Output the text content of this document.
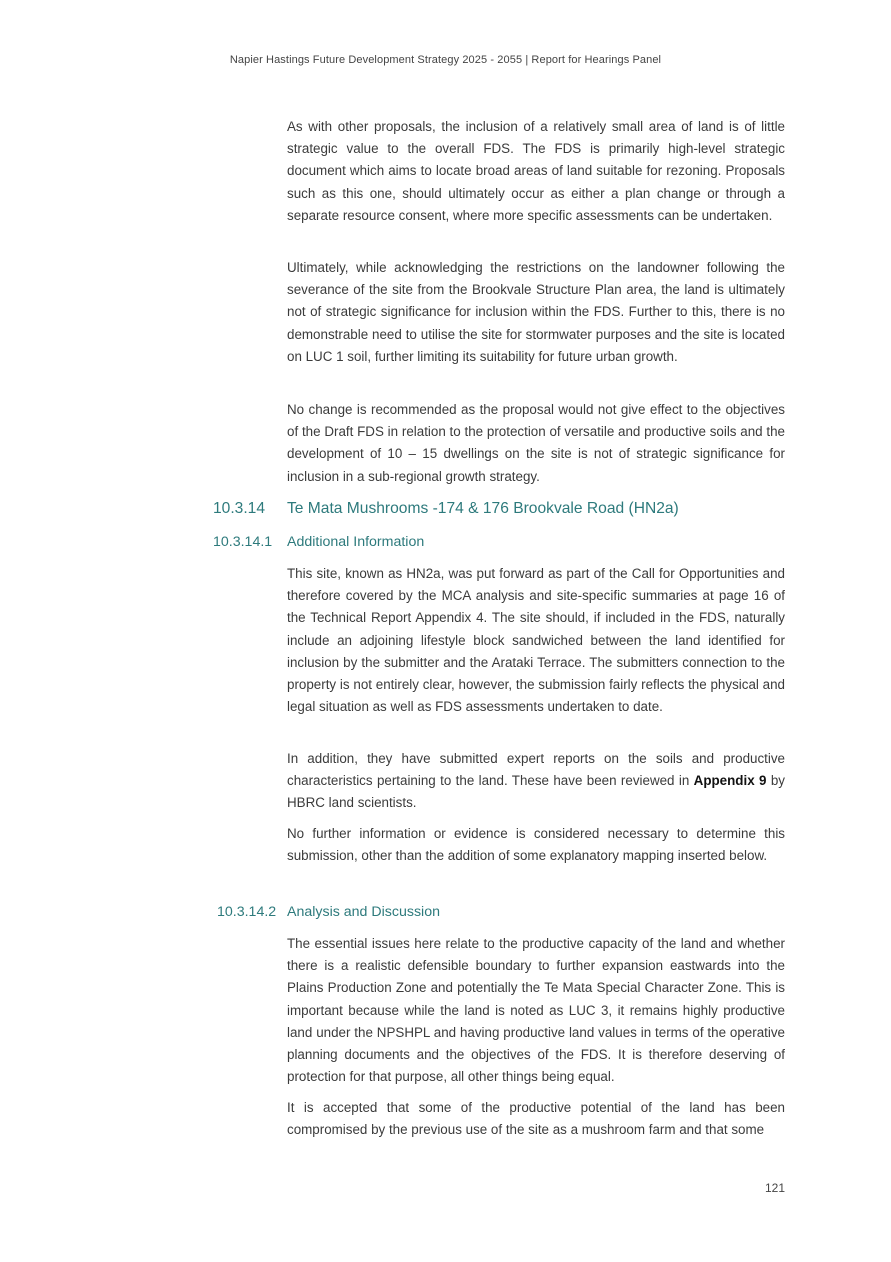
Napier Hastings Future Development Strategy 2025 - 2055 | Report for Hearings Panel

As with other proposals, the inclusion of a relatively small area of land is of little strategic value to the overall FDS. The FDS is primarily high-level strategic document which aims to locate broad areas of land suitable for rezoning. Proposals such as this one, should ultimately occur as either a plan change or through a separate resource consent, where more specific assessments can be undertaken.

Ultimately, while acknowledging the restrictions on the landowner following the severance of the site from the Brookvale Structure Plan area, the land is ultimately not of strategic significance for inclusion within the FDS. Further to this, there is no demonstrable need to utilise the site for stormwater purposes and the site is located on LUC 1 soil, further limiting its suitability for future urban growth.

No change is recommended as the proposal would not give effect to the objectives of the Draft FDS in relation to the protection of versatile and productive soils and the development of 10 – 15 dwellings on the site is not of strategic significance for inclusion in a sub-regional growth strategy.

10.3.14 Te Mata Mushrooms -174 & 176 Brookvale Road (HN2a)
10.3.14.1 Additional Information

This site, known as HN2a, was put forward as part of the Call for Opportunities and therefore covered by the MCA analysis and site-specific summaries at page 16 of the Technical Report Appendix 4. The site should, if included in the FDS, naturally include an adjoining lifestyle block sandwiched between the land identified for inclusion by the submitter and the Arataki Terrace. The submitters connection to the property is not entirely clear, however, the submission fairly reflects the physical and legal situation as well as FDS assessments undertaken to date.

In addition, they have submitted expert reports on the soils and productive characteristics pertaining to the land. These have been reviewed in Appendix 9 by HBRC land scientists.

No further information or evidence is considered necessary to determine this submission, other than the addition of some explanatory mapping inserted below.

10.3.14.2 Analysis and Discussion

The essential issues here relate to the productive capacity of the land and whether there is a realistic defensible boundary to further expansion eastwards into the Plains Production Zone and potentially the Te Mata Special Character Zone. This is important because while the land is noted as LUC 3, it remains highly productive land under the NPSHPL and having productive land values in terms of the operative planning documents and the objectives of the FDS. It is therefore deserving of protection for that purpose, all other things being equal.

It is accepted that some of the productive potential of the land has been compromised by the previous use of the site as a mushroom farm and that some

121
